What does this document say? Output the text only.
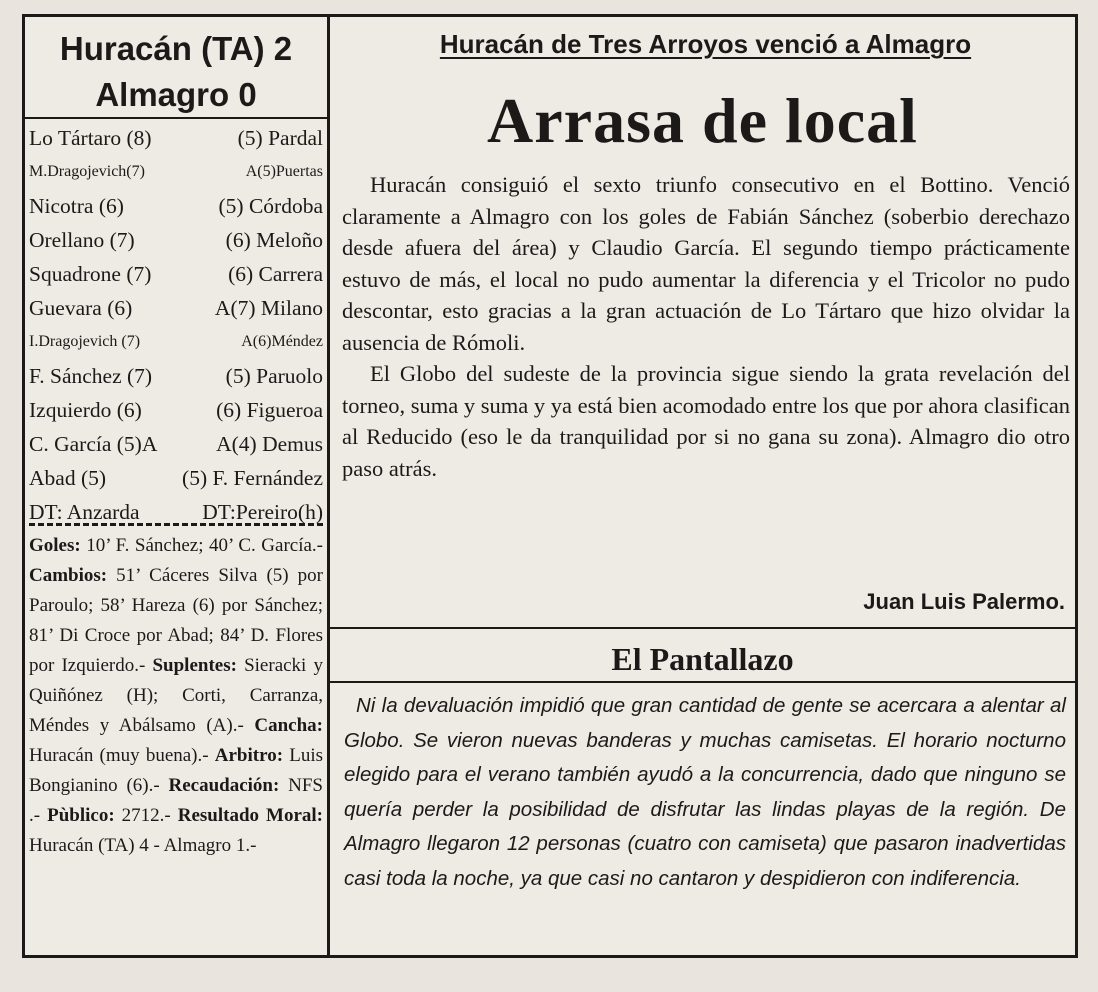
Huracán (TA) 2
Almagro 0
Lo Tártaro (8)	(5) Pardal
M.Dragojevich(7)	A(5)Puertas
Nicotra (6)	(5) Córdoba
Orellano (7)	(6) Meloño
Squadrone (7)	(6) Carrera
Guevara (6)	A(7) Milano
I.Dragojevich (7)	A(6)Méndez
F. Sánchez (7)	(5) Paruolo
Izquierdo (6)	(6) Figueroa
C. García (5)A	A(4) Demus
Abad (5)	(5) F. Fernández
DT: Anzarda	DT:Pereiro(h)
Goles: 10’ F. Sánchez; 40’ C. García.- Cambios: 51’ Cáceres Silva (5) por Paroulo; 58’ Hareza (6) por Sánchez; 81’ Di Croce por Abad; 84’ D. Flores por Izquierdo.- Suplentes: Sieracki y Quiñónez (H); Corti, Carranza, Méndes y Abálsamo (A).- Cancha: Huracán (muy buena).- Arbitro: Luis Bongianino (6).- Recaudación: NFS .- Pùblico: 2712.- Resultado Moral: Huracán (TA) 4 - Almagro 1.-
Huracán de Tres Arroyos venció a Almagro
Arrasa de local

Huracán consiguió el sexto triunfo consecutivo en el Bottino. Venció claramente a Almagro con los goles de Fabián Sánchez (soberbio derechazo desde afuera del área) y Claudio García. El segundo tiempo prácticamente estuvo de más, el local no pudo aumentar la diferencia y el Tricolor no pudo descontar, esto gracias a la gran actuación de Lo Tártaro que hizo olvidar la ausencia de Rómoli.

El Globo del sudeste de la provincia sigue siendo la grata revelación del torneo, suma y suma y ya está bien acomodado entre los que por ahora clasifican al Reducido (eso le da tranquilidad por si no gana su zona). Almagro dio otro paso atrás.

Juan Luis Palermo.
El Pantallazo

Ni la devaluación impidió que gran cantidad de gente se acercara a alentar al Globo. Se vieron nuevas banderas y muchas camisetas. El horario nocturno elegido para el verano también ayudó a la concurrencia, dado que ninguno se quería perder la posibilidad de disfrutar las lindas playas de la región. De Almagro llegaron 12 personas (cuatro con camiseta) que pasaron inadvertidas casi toda la noche, ya que casi no cantaron y despidieron con indiferencia.
